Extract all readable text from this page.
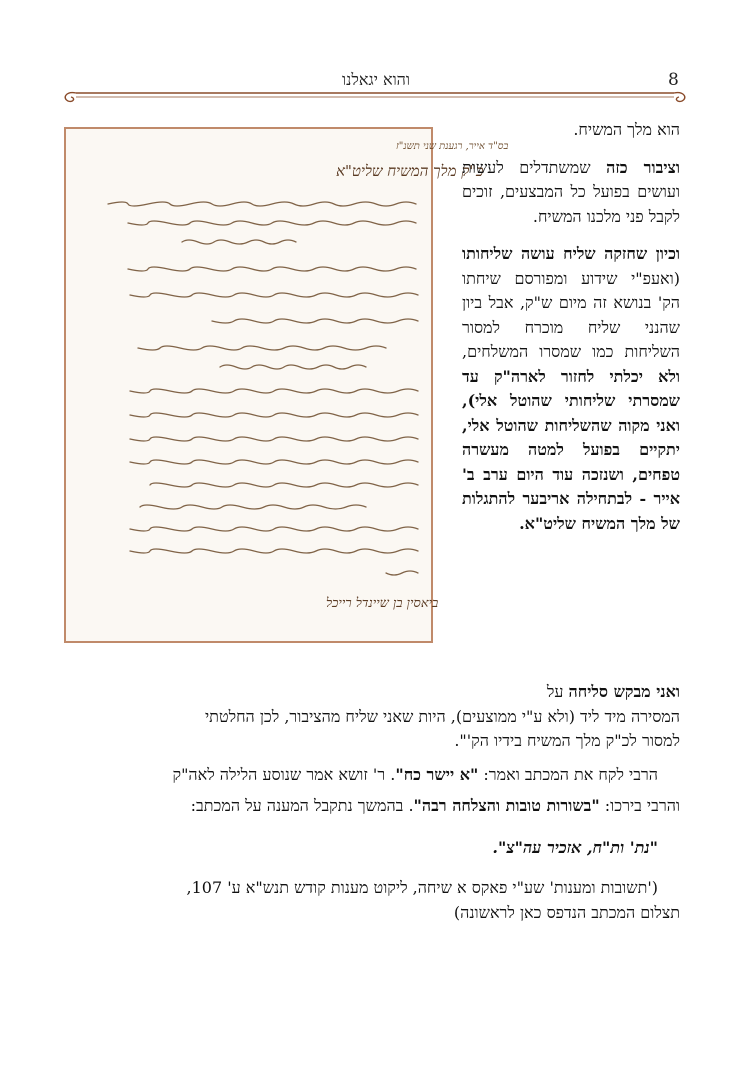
8
והוא יגאלנו
בס"ד אייר, רגענת שני תשנ"ז
כ"ק מלך המשיח שליט"א
ביאסין בן שיינדל רייכל

הוא מלך המשיח.

וציבור כזה שמשתדלים לעשות ועושים בפועל כל המבצעים, זוכים לקבל פני מלכנו המשיח.

וכיון שחזקה שליח עושה שליחותו (ואעפ"י שידוע ומפורסם שיחתו הק' בנושא זה מיום ש"ק, אבל ביון שהנני שליח מוכרח למסור השליחות כמו שמסרו המשלחים, ולא יכלתי לחזור לארה"ק עד שמסרתי שליחותי שהוטל אלי), ואני מקוה שהשליחות שהוטל אלי, יתקיים בפועל למטה מעשרה טפחים, ושנזכה עוד היום ערב ב' אייר - לבתחילה אריבער להתגלות של מלך המשיח שליט"א.

ואני מבקש סליחה על

המסירה מיד ליד (ולא ע"י ממוצעים), היות שאני שליח מהציבור, לכן החלטתי

למסור לכ"ק מלך המשיח בידיו הק'".

הרבי לקח את המכתב ואמר: "א יישר כח". ר' זושא אמר שנוסע הלילה לאה"ק

והרבי בירכו: "בשורות טובות והצלחה רבה". בהמשך נתקבל המענה על המכתב:

"נת' ות"ח, אזכיר עה"צ".

('תשובות ומענות' שע"י פאקס א שיחה, ליקוט מענות קודש תנש"א ע' 107,

תצלום המכתב הנדפס כאן לראשונה)
